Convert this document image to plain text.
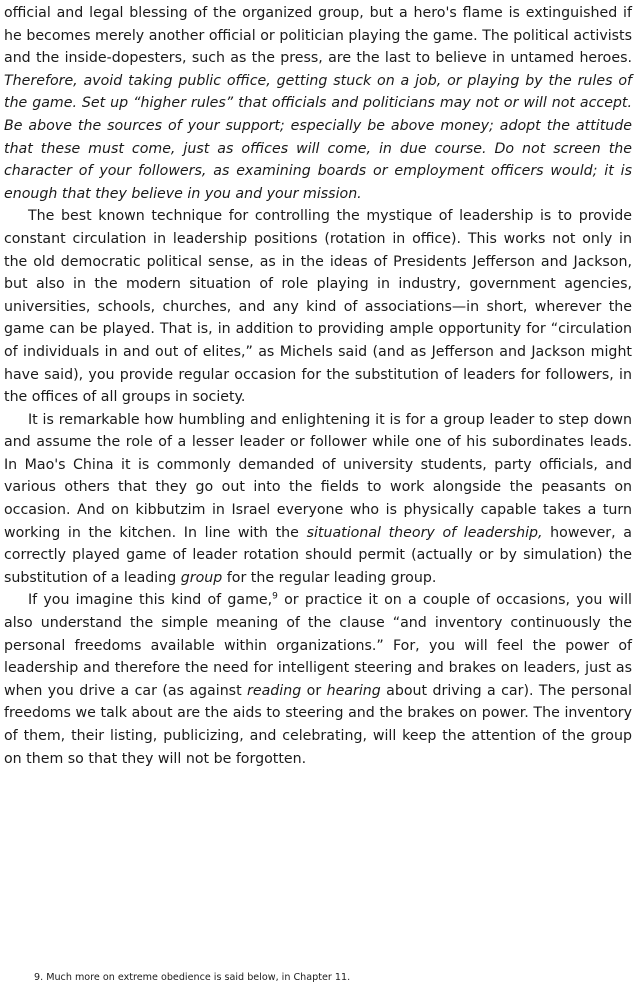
official and legal blessing of the organized group, but a hero's flame is extinguished if he becomes merely another official or politician playing the game. The political activists and the inside-dopesters, such as the press, are the last to believe in untamed heroes. Therefore, avoid taking public office, getting stuck on a job, or playing by the rules of the game. Set up “higher rules” that officials and politicians may not or will not accept. Be above the sources of your support; especially be above money; adopt the attitude that these must come, just as offices will come, in due course. Do not screen the character of your followers, as examining boards or employment officers would; it is enough that they believe in you and your mission.

The best known technique for controlling the mystique of leadership is to provide constant circulation in leadership positions (rotation in office). This works not only in the old democratic political sense, as in the ideas of Presidents Jefferson and Jackson, but also in the modern situation of role playing in industry, government agencies, universities, schools, churches, and any kind of associations—in short, wherever the game can be played. That is, in addition to providing ample opportunity for “circulation of individuals in and out of elites,” as Michels said (and as Jefferson and Jackson might have said), you provide regular occasion for the substitution of leaders for followers, in the offices of all groups in society.

It is remarkable how humbling and enlightening it is for a group leader to step down and assume the role of a lesser leader or follower while one of his subordinates leads. In Mao's China it is commonly demanded of university students, party officials, and various others that they go out into the fields to work alongside the peasants on occasion. And on kibbutzim in Israel everyone who is physically capable takes a turn working in the kitchen. In line with the situational theory of leadership, however, a correctly played game of leader rotation should permit (actually or by simulation) the substitution of a leading group for the regular leading group.

If you imagine this kind of game,$^9$ or practice it on a couple of occasions, you will also understand the simple meaning of the clause “and inventory continuously the personal freedoms available within organizations.” For, you will feel the power of leadership and therefore the need for intelligent steering and brakes on leaders, just as when you drive a car (as against reading or hearing about driving a car). The personal freedoms we talk about are the aids to steering and the brakes on power. The inventory of them, their listing, publicizing, and celebrating, will keep the attention of the group on them so that they will not be forgotten.

9. Much more on extreme obedience is said below, in Chapter 11.
